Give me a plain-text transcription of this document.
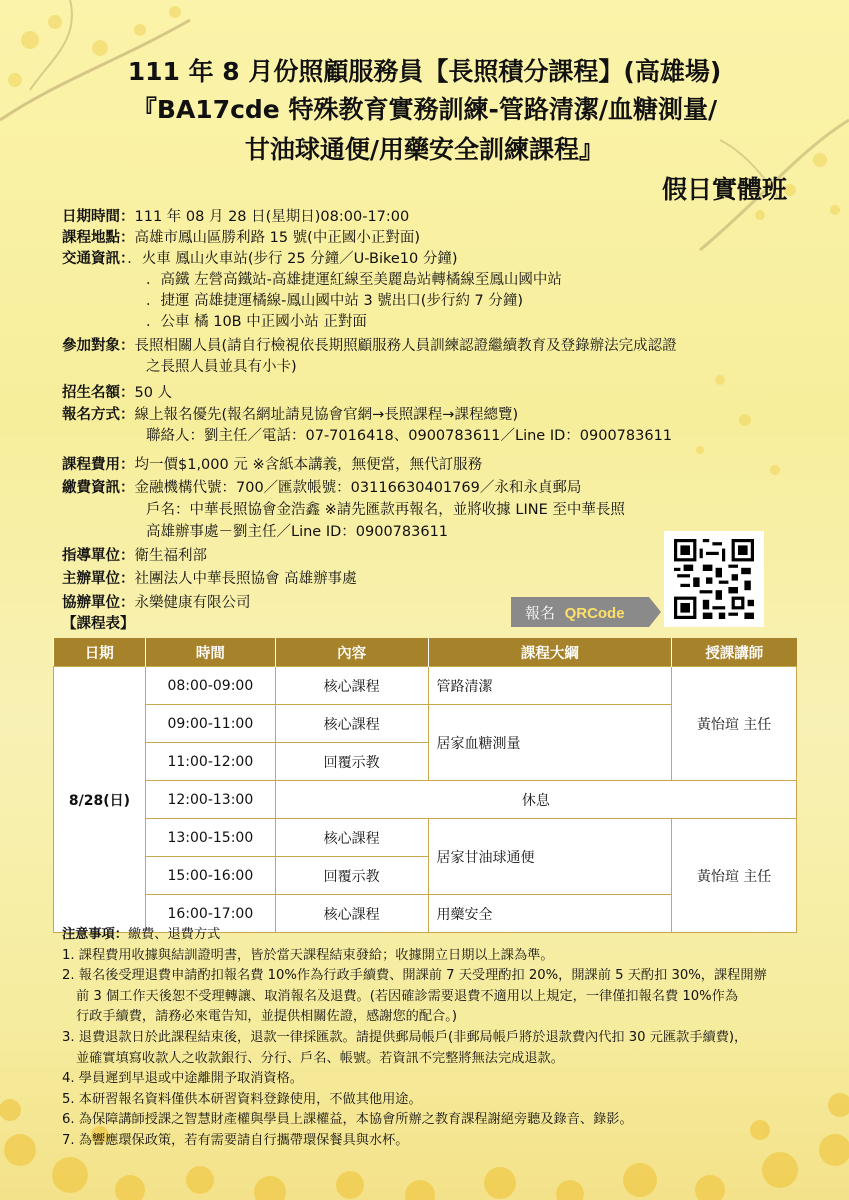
111 年 8 月份照顧服務員【長照積分課程】(高雄場)
『BA17cde 特殊教育實務訓練-管路清潔/血糖測量/
甘油球通便/用藥安全訓練課程』
假日實體班
日期時間：111 年 08 月 28 日(星期日)08:00-17:00
課程地點：高雄市鳳山區勝利路 15 號(中正國小正對面)
交通資訊：．火車 鳳山火車站(步行 25 分鐘／U-Bike10 分鐘)
．高鐵 左營高鐵站-高雄捷運紅線至美麗島站轉橘線至鳳山國中站
．捷運 高雄捷運橘線-鳳山國中站 3 號出口(步行約 7 分鐘)
．公車 橘 10B 中正國小站 正對面
參加對象：長照相關人員(請自行檢視依長期照顧服務人員訓練認證繼續教育及登錄辦法完成認證
之長照人員並具有小卡)
招生名額：50 人
報名方式：線上報名優先(報名網址請見協會官網→長照課程→課程總覽)
聯絡人：劉主任／電話：07-7016418、0900783611／Line ID：0900783611
課程費用：均一價$1,000 元 ※含紙本講義，無便當，無代訂服務
繳費資訊：金融機構代號：700／匯款帳號：03116630401769／永和永貞郵局
戶名：中華長照協會金浩鑫 ※請先匯款再報名，並將收據 LINE 至中華長照
高雄辦事處－劉主任／Line ID：0900783611
指導單位：衛生福利部
主辦單位：社團法人中華長照協會 高雄辦事處
協辦單位：永樂健康有限公司
報名 QRCode
【課程表】
日期	時間	內容	課程大綱	授課講師
8/28(日)	08:00-09:00	核心課程	管路清潔	黃怡瑄 主任
	09:00-11:00	核心課程	居家血糖測量	
	11:00-12:00	回覆示教		
	12:00-13:00	休息		
	13:00-15:00	核心課程	居家甘油球通便	黃怡瑄 主任
	15:00-16:00	回覆示教		
	16:00-17:00	核心課程	用藥安全	
注意事項：繳費、退費方式
1. 課程費用收據與結訓證明書，皆於當天課程結束發給；收據開立日期以上課為準。
2. 報名後受理退費申請酌扣報名費 10%作為行政手續費、開課前 7 天受理酌扣 20%，開課前 5 天酌扣 30%，課程開辦
前 3 個工作天後恕不受理轉讓、取消報名及退費。(若因確診需要退費不適用以上規定，一律僅扣報名費 10%作為
行政手續費，請務必來電告知，並提供相關佐證，感謝您的配合。)
3. 退費退款日於此課程結束後，退款一律採匯款。請提供郵局帳戶(非郵局帳戶將於退款費內代扣 30 元匯款手續費)，
並確實填寫收款人之收款銀行、分行、戶名、帳號。若資訊不完整將無法完成退款。
4. 學員遲到早退或中途離開予取消資格。
5. 本研習報名資料僅供本研習資料登錄使用，不做其他用途。
6. 為保障講師授課之智慧財產權與學員上課權益，本協會所辦之教育課程謝絕旁聽及錄音、錄影。
7. 為響應環保政策，若有需要請自行攜帶環保餐具與水杯。
